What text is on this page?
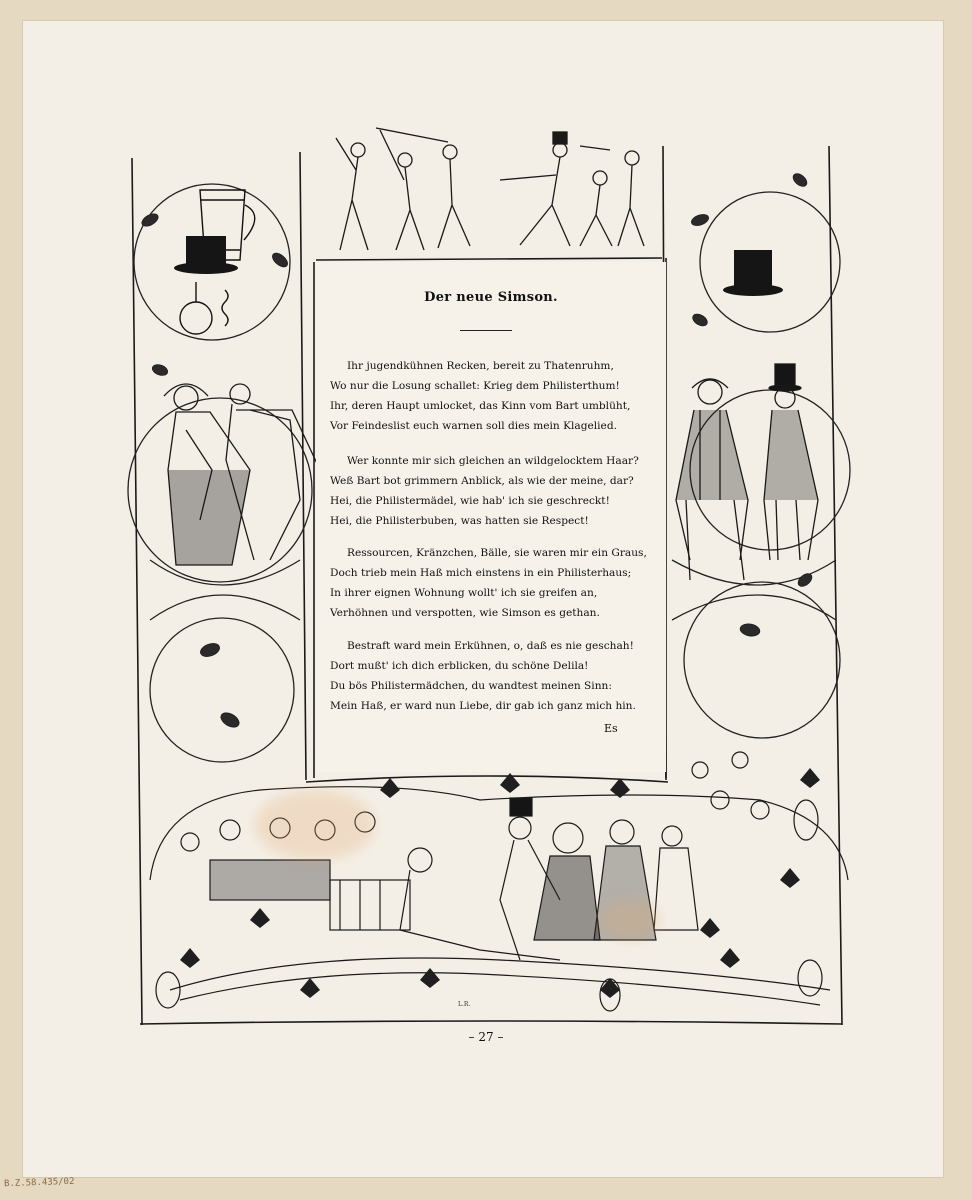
Der neue Simson.
Ihr jugendkühnen Recken, bereit zu Thatenruhm,
Wo nur die Losung schallet: Krieg dem Philisterthum!
Ihr, deren Haupt umlocket, das Kinn vom Bart umblüht,
Vor Feindeslist euch warnen soll dies mein Klagelied.
Wer konnte mir sich gleichen an wildgelocktem Haar?
Weß Bart bot grimmern Anblick, als wie der meine, dar?
Hei, die Philistermädel, wie hab' ich sie geschreckt!
Hei, die Philisterbuben, was hatten sie Respect!
Ressourcen, Kränzchen, Bälle, sie waren mir ein Graus,
Doch trieb mein Haß mich einstens in ein Philisterhaus;
In ihrer eignen Wohnung wollt' ich sie greifen an,
Verhöhnen und verspotten, wie Simson es gethan.
Bestraft ward mein Erkühnen, o, daß es nie geschah!
Dort mußt' ich dich erblicken, du schöne Delila!
Du bös Philistermädchen, du wandtest meinen Sinn:
Mein Haß, er ward nun Liebe, dir gab ich ganz mich hin.
Es
L.R.
– 27 –
B.Z.58.435/02
